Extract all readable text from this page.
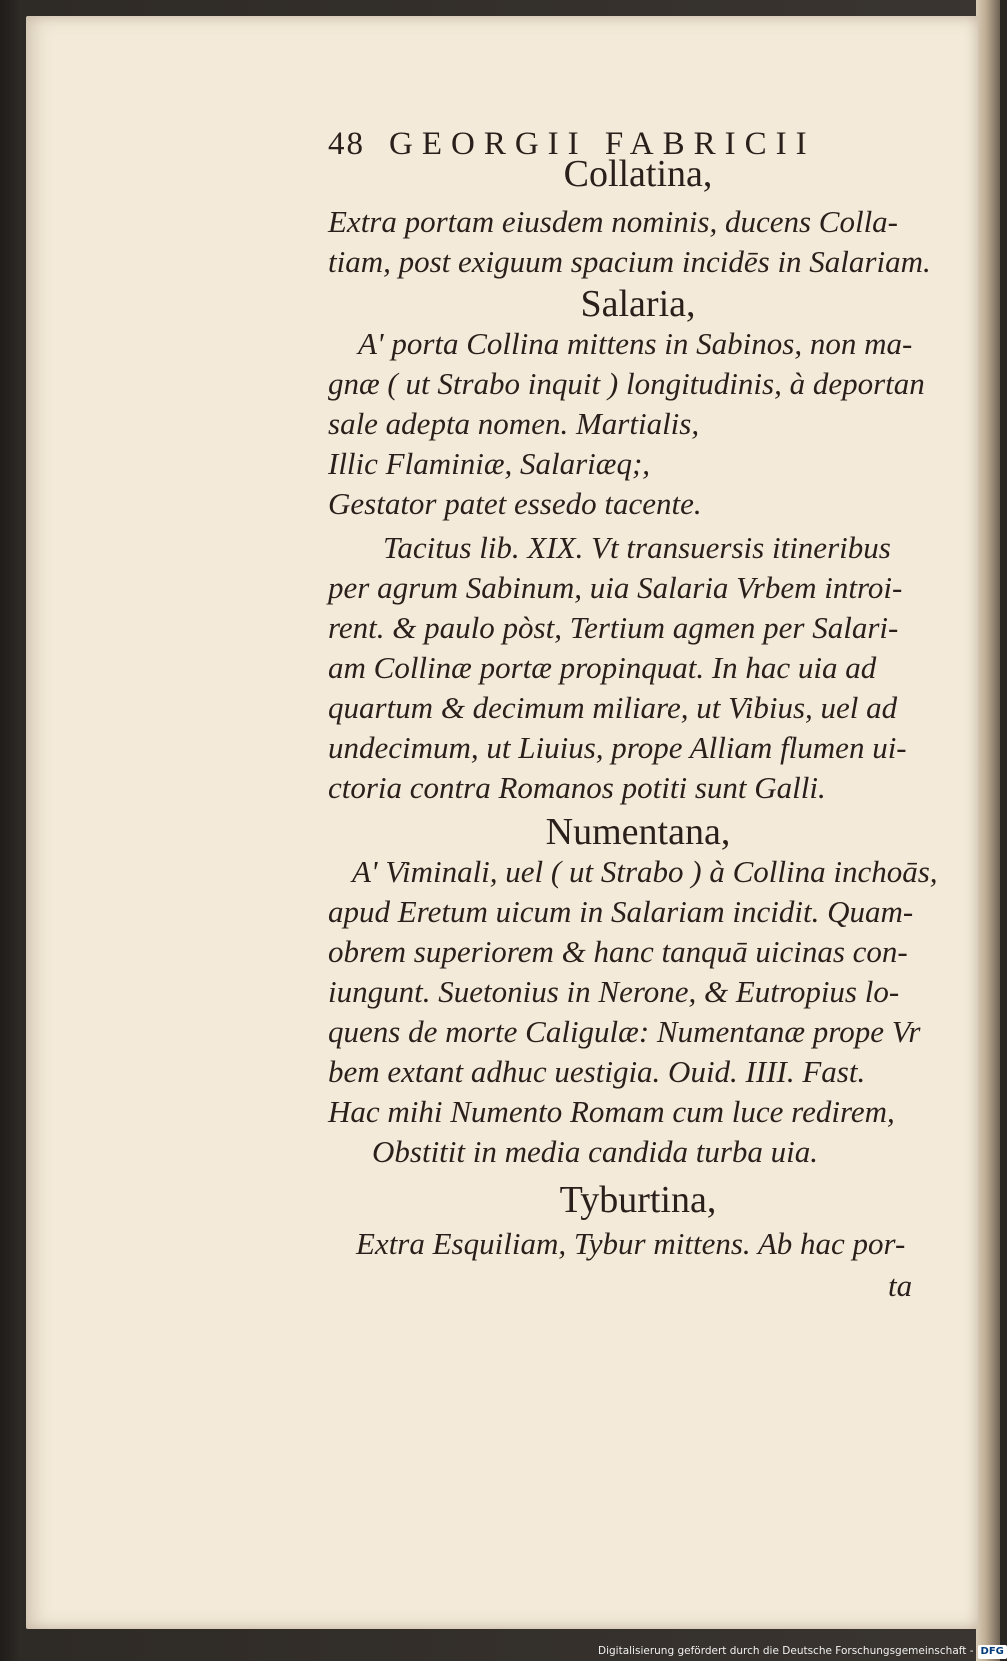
48 GEORGII FABRICII
Collatina,
Extra portam eiusdem nominis, ducens Colla-
tiam, post exiguum spacium incidēs in Salariam.
Salaria,
A' porta Collina mittens in Sabinos, non ma-
gnæ ( ut Strabo inquit ) longitudinis, à deportan
sale adepta nomen. Martialis,
Illic Flaminiæ, Salariæq;,
Gestator patet essedo tacente.
Tacitus lib. XIX. Vt transuersis itineribus
per agrum Sabinum, uia Salaria Vrbem introi-
rent. & paulo pòst, Tertium agmen per Salari-
am Collinæ portæ propinquat. In hac uia ad
quartum & decimum miliare, ut Vibius, uel ad
undecimum, ut Liuius, prope Alliam flumen ui-
ctoria contra Romanos potiti sunt Galli.
Numentana,
A' Viminali, uel ( ut Strabo ) à Collina inchoās,
apud Eretum uicum in Salariam incidit. Quam-
obrem superiorem & hanc tanquā uicinas con-
iungunt. Suetonius in Nerone, & Eutropius lo-
quens de morte Caligulæ: Numentanæ prope Vr
bem extant adhuc uestigia. Ouid. IIII. Fast.
Hac mihi Numento Romam cum luce redirem,
Obstitit in media candida turba uia.
Tyburtina,
Extra Esquiliam, Tybur mittens. Ab hac por-
ta
Digitalisierung gefördert durch die Deutsche Forschungsgemeinschaft - DFG
